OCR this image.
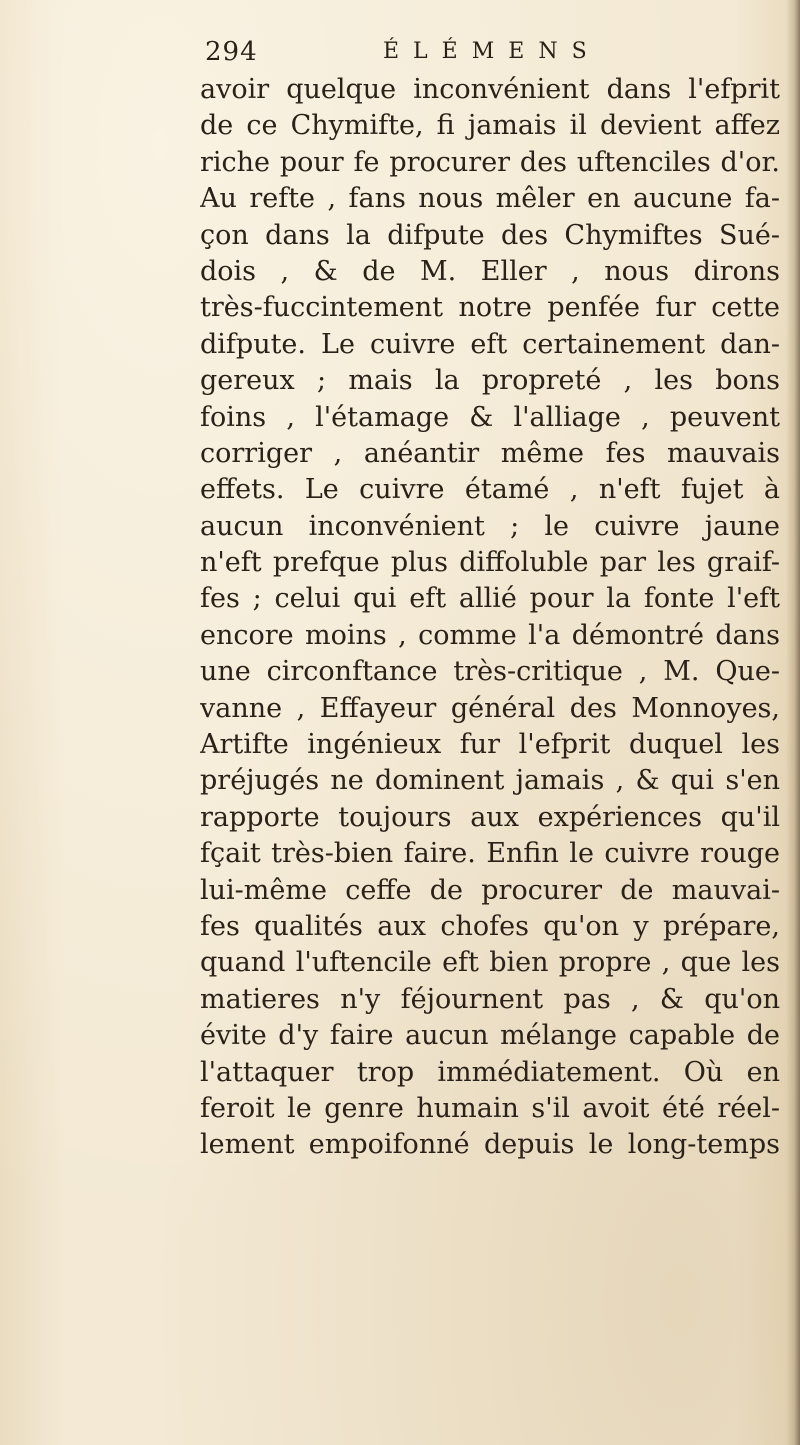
294	ÉLÉMENS
avoir quelque inconvénient dans l'efprit
de ce Chymifte, fi jamais il devient affez
riche pour fe procurer des uftenciles d'or.
Au refte , fans nous mêler en aucune fa-
çon dans la difpute des Chymiftes Sué-
dois , & de M. Eller , nous dirons
très-fuccintement notre penfée fur cette
difpute. Le cuivre eft certainement dan-
gereux ; mais la propreté , les bons
foins , l'étamage & l'alliage , peuvent
corriger , anéantir même fes mauvais
effets. Le cuivre étamé , n'eft fujet à
aucun inconvénient ; le cuivre jaune
n'eft prefque plus diffoluble par les graif-
fes ; celui qui eft allié pour la fonte l'eft
encore moins , comme l'a démontré dans
une circonftance très-critique , M. Que-
vanne , Effayeur général des Monnoyes,
Artifte ingénieux fur l'efprit duquel les
préjugés ne dominent jamais , & qui s'en
rapporte toujours aux expériences qu'il
fçait très-bien faire. Enfin le cuivre rouge
lui-même ceffe de procurer de mauvai-
fes qualités aux chofes qu'on y prépare,
quand l'uftencile eft bien propre , que les
matieres n'y féjournent pas , & qu'on
évite d'y faire aucun mélange capable de
l'attaquer trop immédiatement. Où en
feroit le genre humain s'il avoit été réel-
lement empoifonné depuis le long-temps
